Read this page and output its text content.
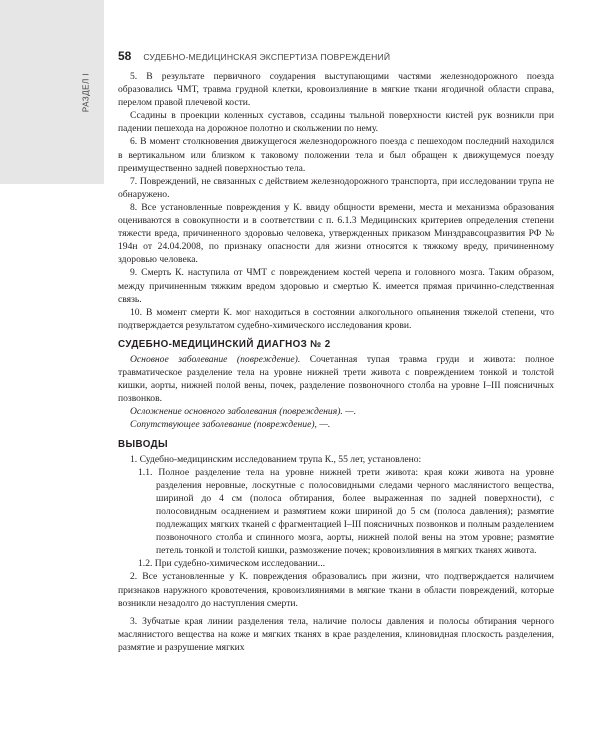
РАЗДЕЛ I
58 СУДЕБНО-МЕДИЦИНСКАЯ ЭКСПЕРТИЗА ПОВРЕЖДЕНИЙ

5. В результате первичного соударения выступающими частями железнодорожного поезда образовались ЧМТ, травма грудной клетки, кровоизлияние в мягкие ткани ягодичной области справа, перелом правой плечевой кости.

Ссадины в проекции коленных суставов, ссадины тыльной поверхности кистей рук возникли при падении пешехода на дорожное полотно и скольжении по нему.

6. В момент столкновения движущегося железнодорожного поезда с пешеходом последний находился в вертикальном или близком к таковому положении тела и был обращен к движущемуся поезду преимущественно задней поверхностью тела.

7. Повреждений, не связанных с действием железнодорожного транспорта, при исследовании трупа не обнаружено.

8. Все установленные повреждения у К. ввиду общности времени, места и механизма образования оцениваются в совокупности и в соответствии с п. 6.1.3 Медицинских критериев определения степени тяжести вреда, причиненного здоровью человека, утвержденных приказом Минздравсоцразвития РФ № 194н от 24.04.2008, по признаку опасности для жизни относятся к тяжкому вреду, причиненному здоровью человека.

9. Смерть К. наступила от ЧМТ с повреждением костей черепа и головного мозга. Таким образом, между причиненным тяжким вредом здоровью и смертью К. имеется прямая причинно-следственная связь.

10. В момент смерти К. мог находиться в состоянии алкогольного опьянения тяжелой степени, что подтверждается результатом судебно-химического исследования крови.

СУДЕБНО-МЕДИЦИНСКИЙ ДИАГНОЗ № 2

Основное заболевание (повреждение). Сочетанная тупая травма груди и живота: полное травматическое разделение тела на уровне нижней трети живота с повреждением тонкой и толстой кишки, аорты, нижней полой вены, почек, разделение позвоночного столба на уровне I–III поясничных позвонков.

Осложнение основного заболевания (повреждения). —.

Сопутствующее заболевание (повреждение), —.

ВЫВОДЫ

1. Судебно-медицинским исследованием трупа К., 55 лет, установлено:

1.1. Полное разделение тела на уровне нижней трети живота: края кожи живота на уровне разделения неровные, лоскутные с полосовидными следами черного маслянистого вещества, шириной до 4 см (полоса обтирания, более выраженная по задней поверхности), с полосовидным осаднением и размятием кожи шириной до 5 см (полоса давления); размятие подлежащих мягких тканей с фрагментацией I–III поясничных позвонков и полным разделением позвоночного столба и спинного мозга, аорты, нижней полой вены на этом уровне; размятие петель тонкой и толстой кишки, размозжение почек; кровоизлияния в мягких тканях живота.

1.2. При судебно-химическом исследовании...

2. Все установленные у К. повреждения образовались при жизни, что подтверждается наличием признаков наружного кровотечения, кровоизлияниями в мягкие ткани в области повреждений, которые возникли незадолго до наступления смерти.

3. Зубчатые края линии разделения тела, наличие полосы давления и полосы обтирания черного маслянистого вещества на коже и мягких тканях в крае разделения, клиновидная плоскость разделения, размятие и разрушение мягких
